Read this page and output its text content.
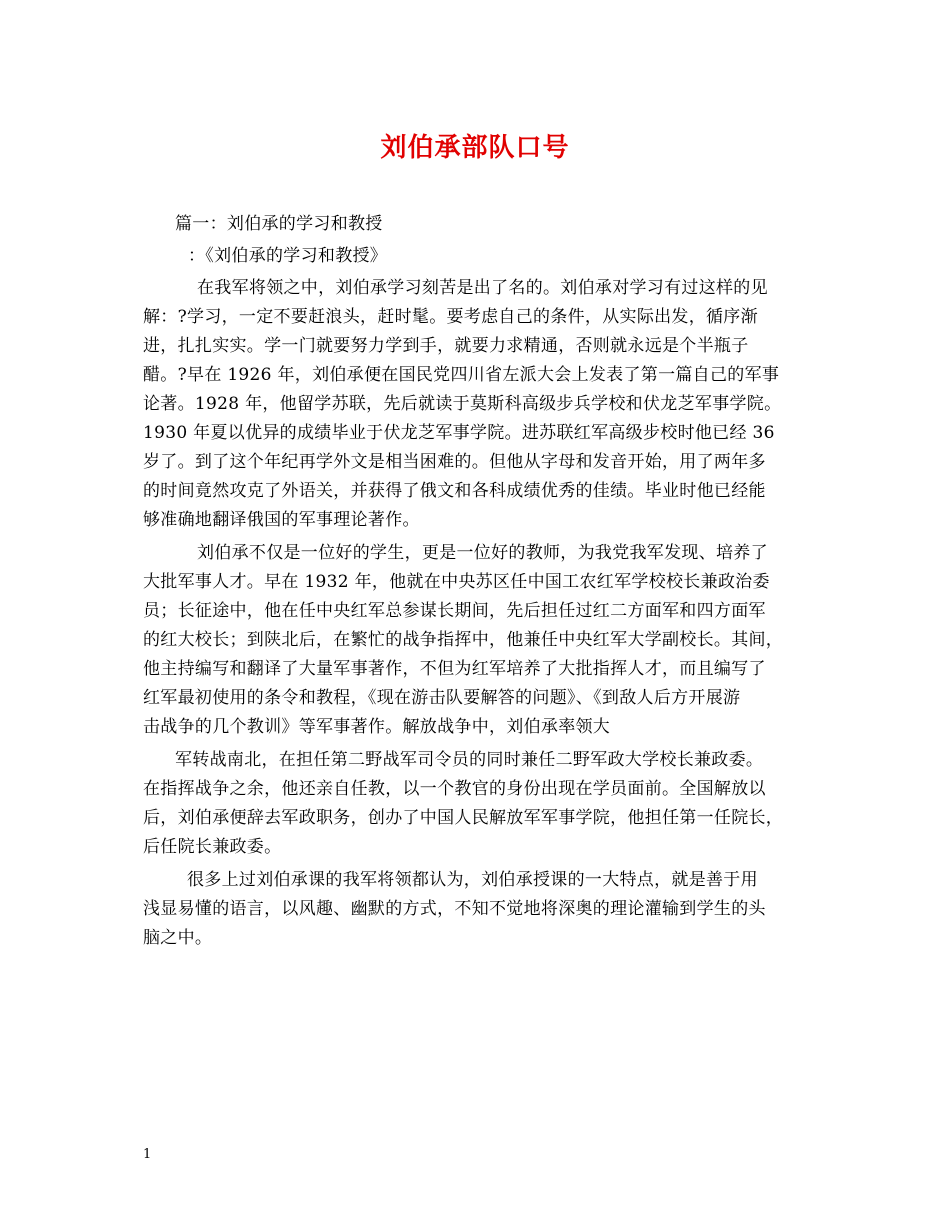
刘伯承部队口号
篇一：刘伯承的学习和教授
：《刘伯承的学习和教授》
在我军将领之中，刘伯承学习刻苦是出了名的。刘伯承对学习有过这样的见
解：?学习，一定不要赶浪头，赶时髦。要考虑自己的条件，从实际出发，循序渐
进，扎扎实实。学一门就要努力学到手，就要力求精通，否则就永远是个半瓶子
醋。?早在 1926 年，刘伯承便在国民党四川省左派大会上发表了第一篇自己的军事
论著。1928 年，他留学苏联，先后就读于莫斯科高级步兵学校和伏龙芝军事学院。
1930 年夏以优异的成绩毕业于伏龙芝军事学院。进苏联红军高级步校时他已经 36
岁了。到了这个年纪再学外文是相当困难的。但他从字母和发音开始，用了两年多
的时间竟然攻克了外语关，并获得了俄文和各科成绩优秀的佳绩。毕业时他已经能
够准确地翻译俄国的军事理论著作。
刘伯承不仅是一位好的学生，更是一位好的教师，为我党我军发现、培养了
大批军事人才。早在 1932 年，他就在中央苏区任中国工农红军学校校长兼政治委
员；长征途中，他在任中央红军总参谋长期间，先后担任过红二方面军和四方面军
的红大校长；到陕北后，在繁忙的战争指挥中，他兼任中央红军大学副校长。其间，
他主持编写和翻译了大量军事著作，不但为红军培养了大批指挥人才，而且编写了
红军最初使用的条令和教程，《现在游击队要解答的问题》、《到敌人后方开展游
击战争的几个教训》等军事著作。解放战争中，刘伯承率领大
军转战南北，在担任第二野战军司令员的同时兼任二野军政大学校长兼政委。
在指挥战争之余，他还亲自任教，以一个教官的身份出现在学员面前。全国解放以
后，刘伯承便辞去军政职务，创办了中国人民解放军军事学院，他担任第一任院长，
后任院长兼政委。
很多上过刘伯承课的我军将领都认为，刘伯承授课的一大特点，就是善于用
浅显易懂的语言，以风趣、幽默的方式，不知不觉地将深奥的理论灌输到学生的头
脑之中。
1
